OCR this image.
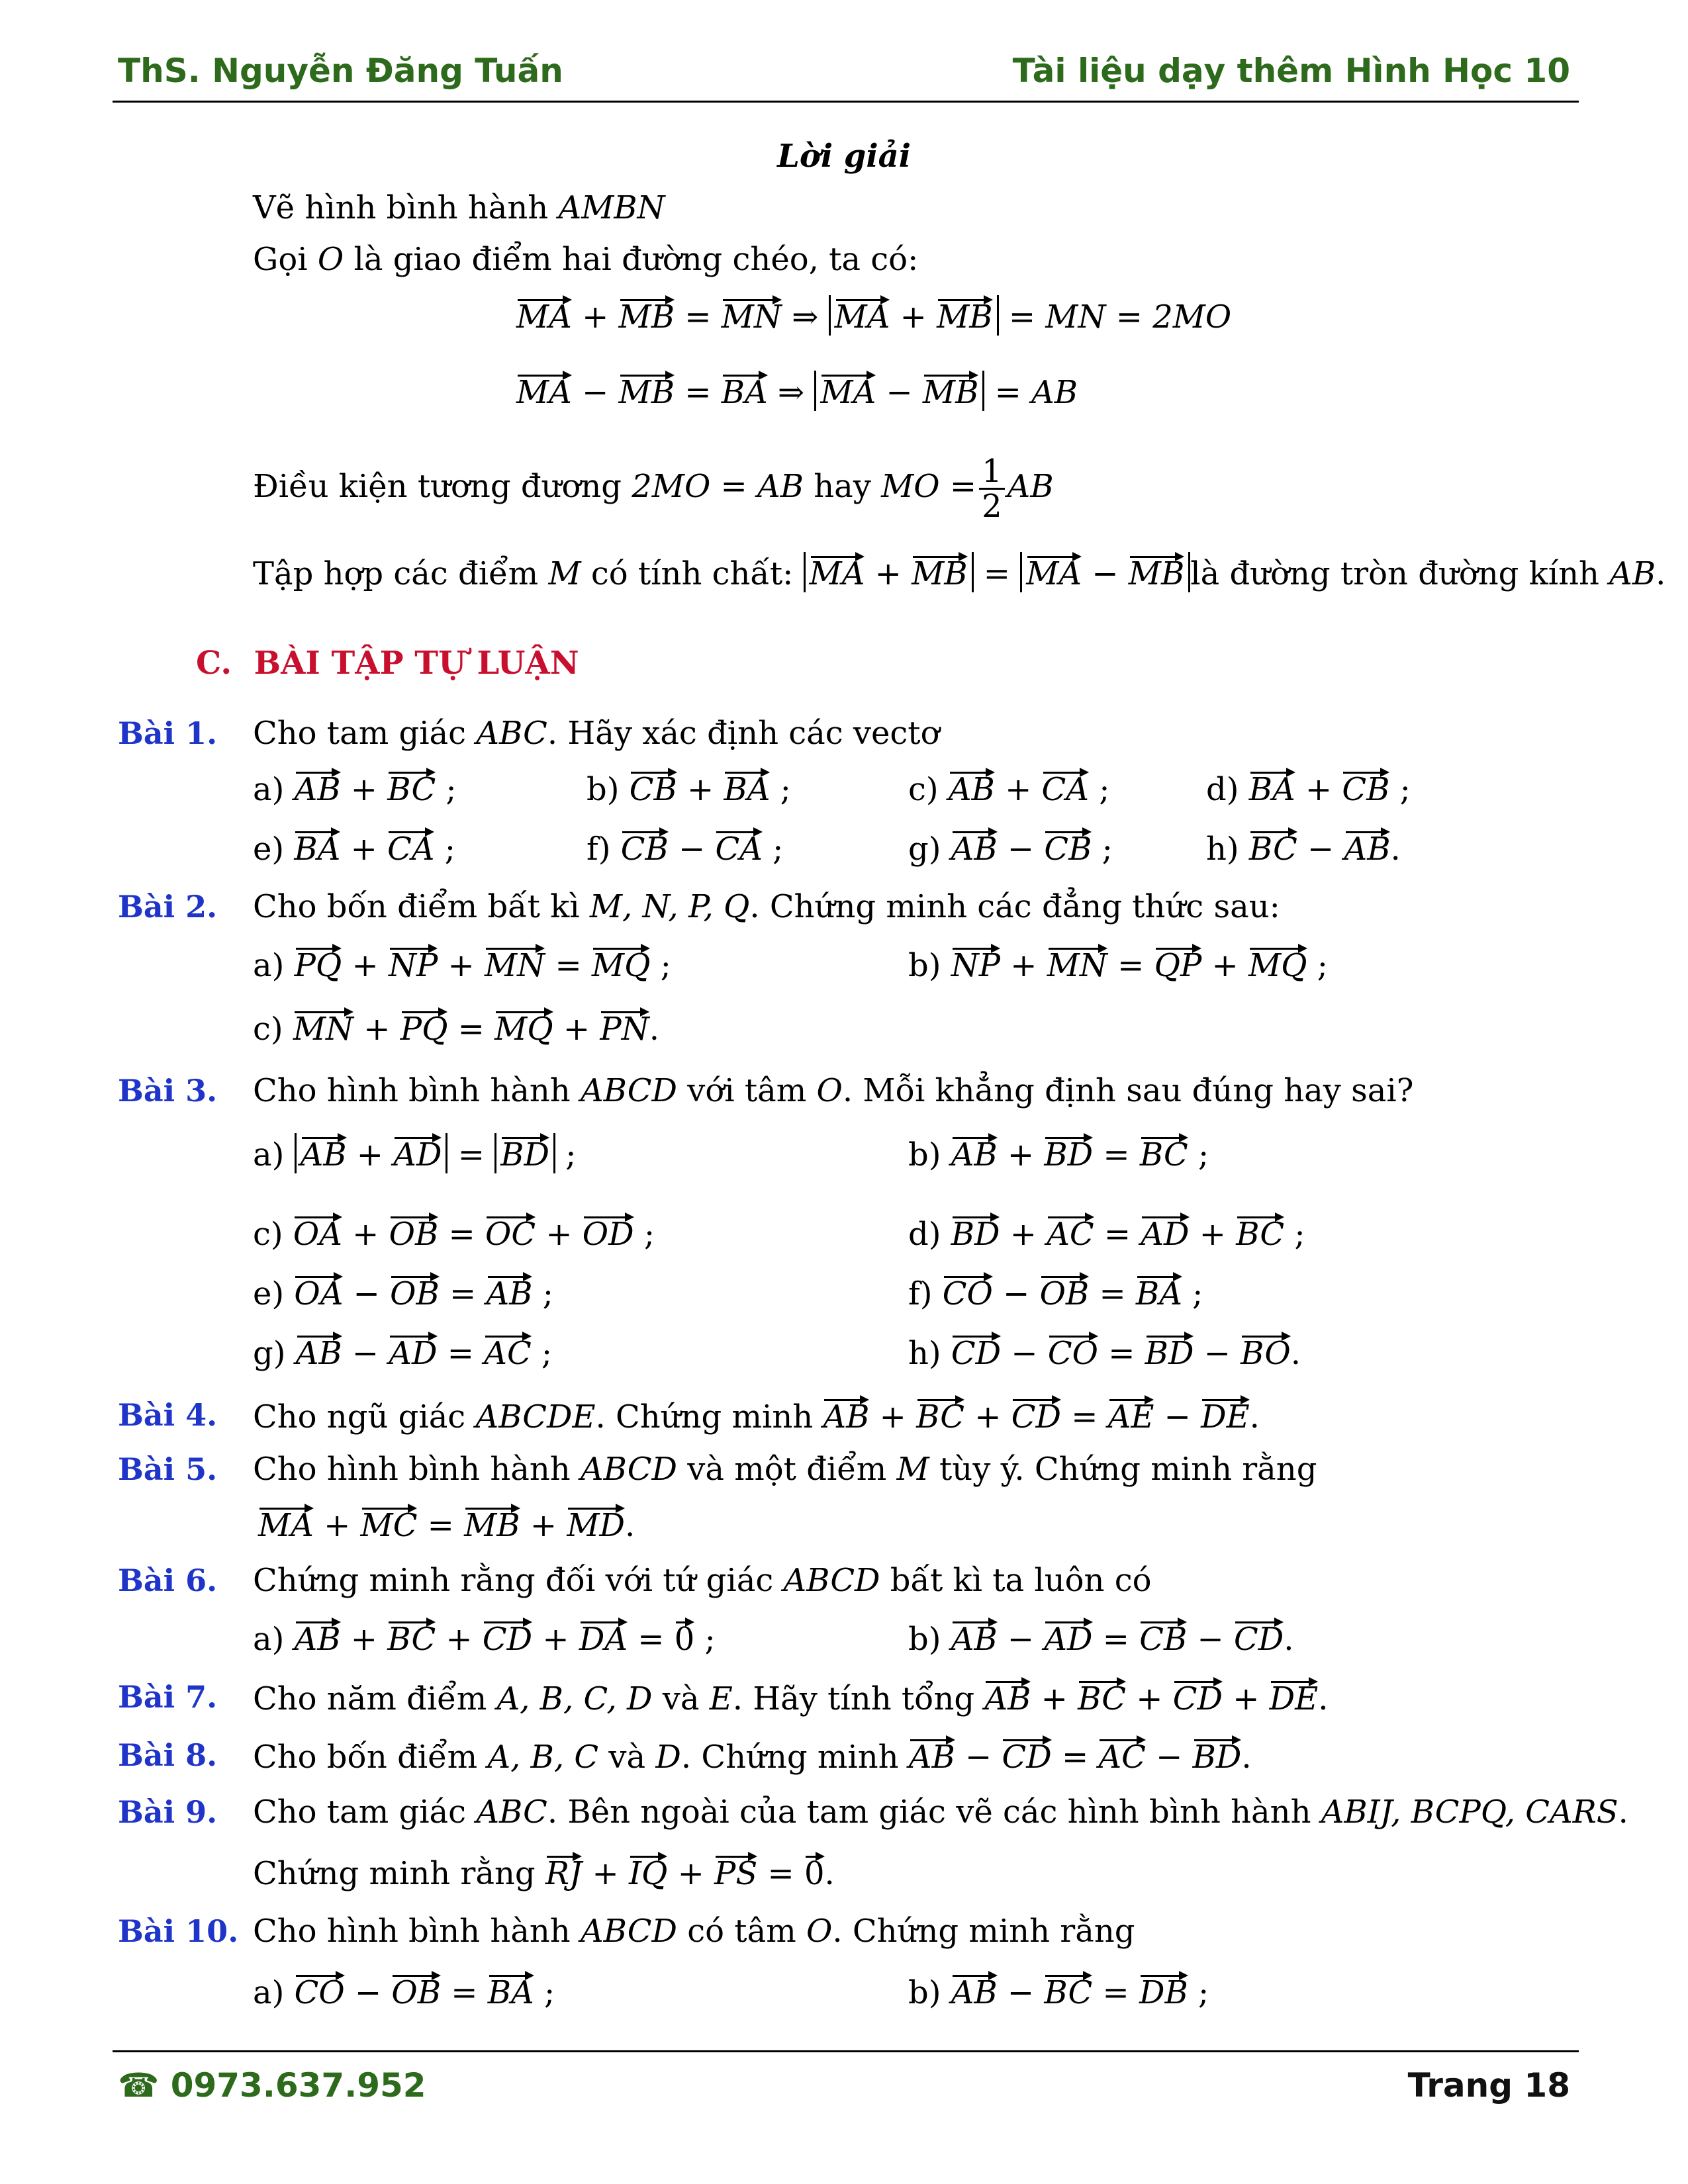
ThS. Nguyễn Đăng Tuấn	Tài liệu dạy thêm Hình Học 10
Lời giải
Vẽ hình bình hành AMBN
Gọi O là giao điểm hai đường chéo, ta có:
MA + MB = MN ⇒ MA + MB = MN = 2MO
MA − MB = BA ⇒ MA − MB = AB
Điều kiện tương đương 2MO = AB hay MO = $\frac{1}{2}$ AB
Tập hợp các điểm M có tính chất: MA + MB = MA − MB là đường tròn đường kính AB.
C. BÀI TẬP TỰ LUẬN
Bài 1. Cho tam giác ABC. Hãy xác định các vectơ
a) AB + BC ;	b) CB + BA ;	c) AB + CA ;	d) BA + CB ;
e) BA + CA ;	f) CB − CA ;	g) AB − CB ;	h) BC − AB.
Bài 2. Cho bốn điểm bất kì M, N, P, Q. Chứng minh các đẳng thức sau:
a) PQ + NP + MN = MQ ;	b) NP + MN = QP + MQ ;
c) MN + PQ = MQ + PN.
Bài 3. Cho hình bình hành ABCD với tâm O. Mỗi khẳng định sau đúng hay sai?
a) AB + AD = BD ;	b) AB + BD = BC ;
c) OA + OB = OC + OD ;	d) BD + AC = AD + BC ;
e) OA − OB = AB ;	f) CO − OB = BA ;
g) AB − AD = AC ;	h) CD − CO = BD − BO.
Bài 4. Cho ngũ giác ABCDE. Chứng minh AB + BC + CD = AE − DE.
Bài 5. Cho hình bình hành ABCD và một điểm M tùy ý. Chứng minh rằng
MA + MC = MB + MD.
Bài 6. Chứng minh rằng đối với tứ giác ABCD bất kì ta luôn có
a) AB + BC + CD + DA = 0 ;	b) AB − AD = CB − CD.
Bài 7. Cho năm điểm A, B, C, D và E. Hãy tính tổng AB + BC + CD + DE.
Bài 8. Cho bốn điểm A, B, C và D. Chứng minh AB − CD = AC − BD.
Bài 9. Cho tam giác ABC. Bên ngoài của tam giác vẽ các hình bình hành ABIJ, BCPQ, CARS.
Chứng minh rằng RJ + IQ + PS = 0.
Bài 10. Cho hình bình hành ABCD có tâm O. Chứng minh rằng
a) CO − OB = BA ;	b) AB − BC = DB ;
☎ 0973.637.952	Trang 18
